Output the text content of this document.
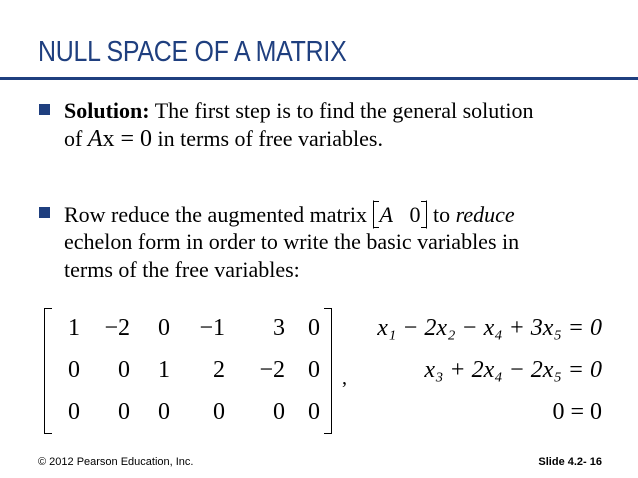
NULL SPACE OF A MATRIX
Solution: The first step is to find the general solution
of Ax = 0 in terms of free variables.
Row reduce the augmented matrix
A 0 to reduce
echelon form in order to write the basic variables in
terms of the free variables:
1	−2	0	−1	3 0
0	0	1	2	−2 0
0	0	0	0	0 0
,
x₁ − 2x₂ − x₄ + 3x₅ = 0
x₃ + 2x₄ − 2x₅ = 0
0 = 0
© 2012 Pearson Education, Inc.	Slide 4.2- 16
